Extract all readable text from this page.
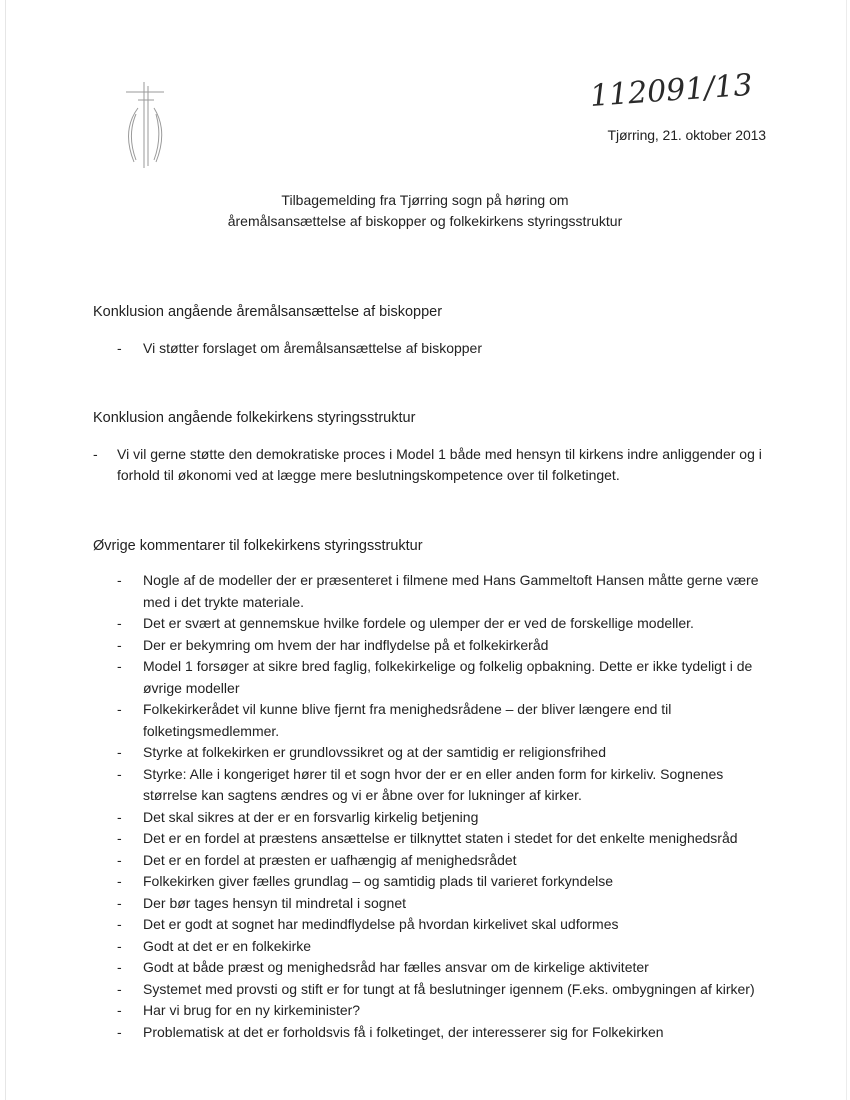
112091/13
Tjørring, 21. oktober 2013
Tilbagemelding fra Tjørring sogn på høring om
åremålsansættelse af biskopper og folkekirkens styringsstruktur
Konklusion angående åremålsansættelse af biskopper
- Vi støtter forslaget om åremålsansættelse af biskopper
Konklusion angående folkekirkens styringsstruktur
-	Vi vil gerne støtte den demokratiske proces i Model 1 både med hensyn til kirkens indre anliggender og i forhold til økonomi ved at lægge mere beslutningskompetence over til folketinget.
Øvrige kommentarer til folkekirkens styringsstruktur
- Nogle af de modeller der er præsenteret i filmene med Hans Gammeltoft Hansen måtte gerne være med i det trykte materiale.
- Det er svært at gennemskue hvilke fordele og ulemper der er ved de forskellige modeller.
- Der er bekymring om hvem der har indflydelse på et folkekirkeråd
- Model 1 forsøger at sikre bred faglig, folkekirkelige og folkelig opbakning. Dette er ikke tydeligt i de øvrige modeller
- Folkekirkerådet vil kunne blive fjernt fra menighedsrådene – der bliver længere end til folketingsmedlemmer.
- Styrke at folkekirken er grundlovssikret og at der samtidig er religionsfrihed
- Styrke: Alle i kongeriget hører til et sogn hvor der er en eller anden form for kirkeliv. Sognenes størrelse kan sagtens ændres og vi er åbne over for lukninger af kirker.
- Det skal sikres at der er en forsvarlig kirkelig betjening
- Det er en fordel at præstens ansættelse er tilknyttet staten i stedet for det enkelte menighedsråd
- Det er en fordel at præsten er uafhængig af menighedsrådet
- Folkekirken giver fælles grundlag – og samtidig plads til varieret forkyndelse
- Der bør tages hensyn til mindretal i sognet
- Det er godt at sognet har medindflydelse på hvordan kirkelivet skal udformes
- Godt at det er en folkekirke
- Godt at både præst og menighedsråd har fælles ansvar om de kirkelige aktiviteter
- Systemet med provsti og stift er for tungt at få beslutninger igennem (F.eks. ombygningen af kirker)
- Har vi brug for en ny kirkeminister?
- Problematisk at det er forholdsvis få i folketinget, der interesserer sig for Folkekirken
